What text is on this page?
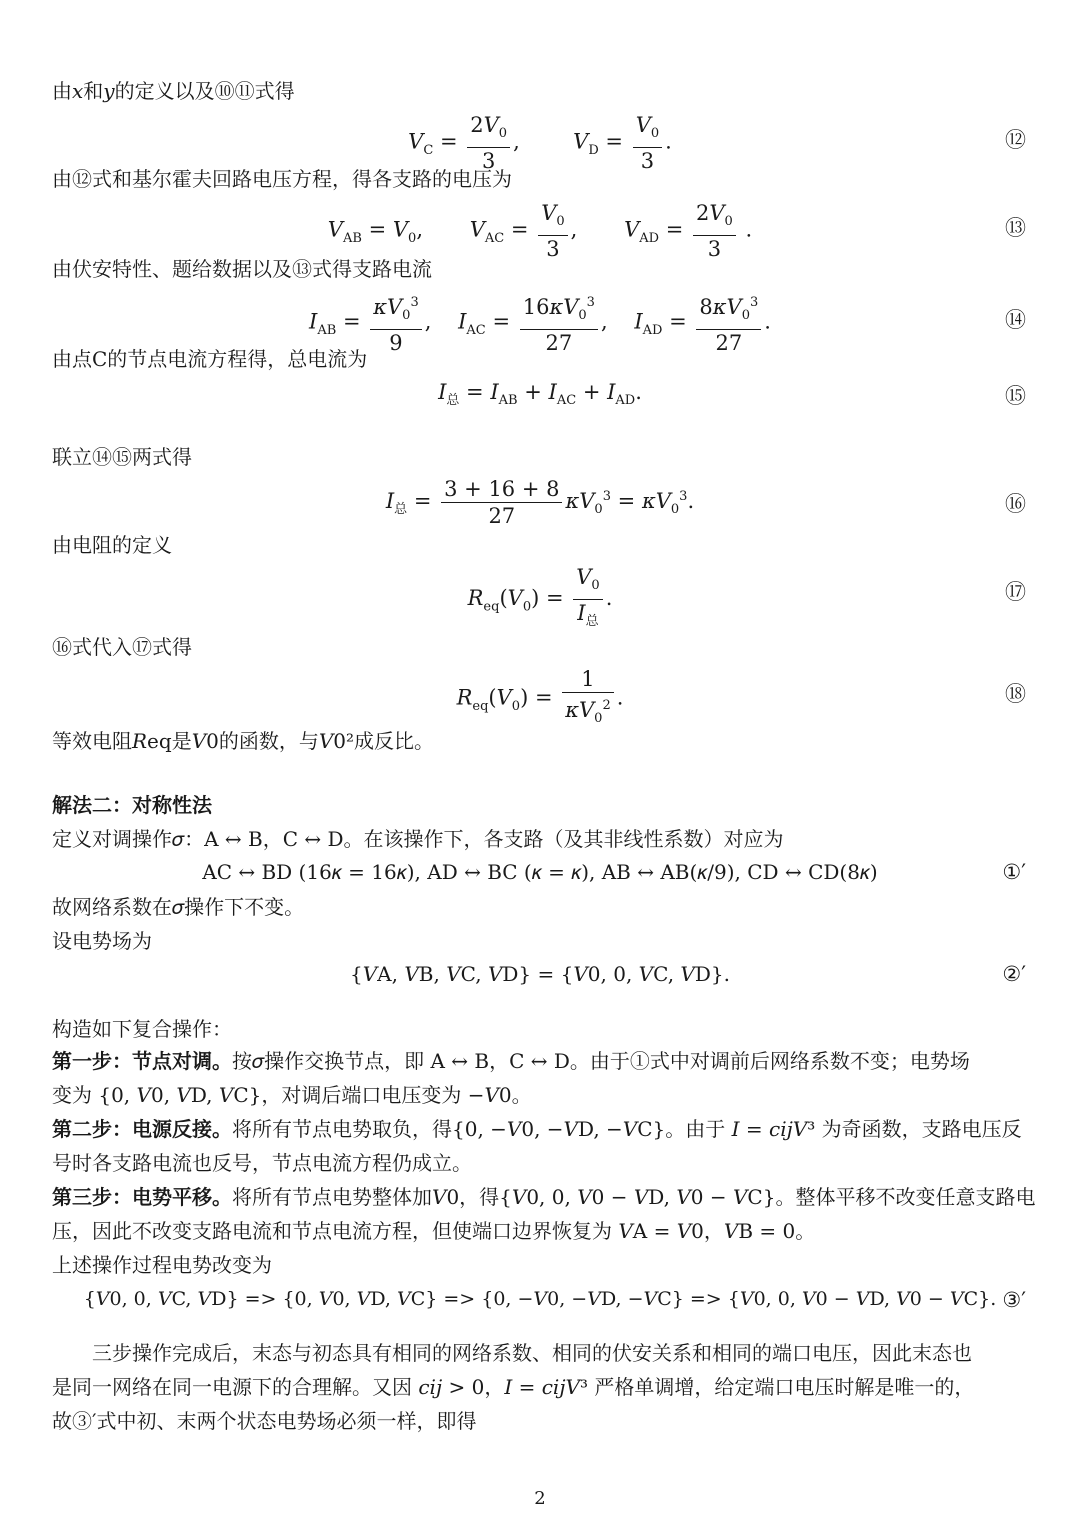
由𝑥和𝑦的定义以及⑩⑪式得
$V_C = \frac{2V_0}{3}$ ,        $V_D = \frac{V_0}{3}$ .	⑫
由⑫式和基尔霍夫回路电压方程，得各支路的电压为
$V_{AB} = V_0$,       $V_{AC} = \frac{V_0}{3}$ ,       $V_{AD} = \frac{2V_0}{3}$ .	⑬
由伏安特性、题给数据以及⑬式得支路电流
$I_{AB} = \frac{\kappa V_0^3}{9}$ ,    $I_{AC} = \frac{16\kappa V_0^3}{27}$ ,    $I_{AD} = \frac{8\kappa V_0^3}{27}$ .	⑭
由点C的节点电流方程得，总电流为
$I_总 = I_{AB} + I_{AC} + I_{AD}$.	⑮
联立⑭⑮两式得
$I_总 = \frac{3 + 16 + 8}{27} \kappa V_0^3 = \kappa V_0^3$.	⑯
由电阻的定义
$R_{eq}(V_0) = \frac{V_0}{I_总}$ .	⑰
⑯式代入⑰式得
$R_{eq}(V_0) = \frac{1}{\kappa V_0^2}$ .	⑱
等效电阻𝑅eq是𝑉0的函数，与𝑉0²成反比。
解法二：对称性法
定义对调操作𝜎：A ↔ B，C ↔ D。在该操作下，各支路（及其非线性系数）对应为
AC ↔ BD (16𝜅 = 16𝜅), AD ↔ BC (𝜅 = 𝜅), AB ↔ AB(𝜅/9), CD ↔ CD(8𝜅)	①′
故网络系数在𝜎操作下不变。
设电势场为
{𝑉A, 𝑉B, 𝑉C, 𝑉D} = {𝑉0, 0, 𝑉C, 𝑉D}.	②′
构造如下复合操作：
第一步：节点对调。按𝜎操作交换节点，即 A ↔ B，C ↔ D。由于①式中对调前后网络系数不变；电势场
变为 {0, 𝑉0, 𝑉D, 𝑉C}，对调后端口电压变为 −𝑉0。
第二步：电源反接。将所有节点电势取负，得{0, −𝑉0, −𝑉D, −𝑉C}。由于 𝐼 = 𝑐𝑖𝑗𝑉³ 为奇函数，支路电压反
号时各支路电流也反号，节点电流方程仍成立。
第三步：电势平移。将所有节点电势整体加𝑉0，得{𝑉0, 0, 𝑉0 − 𝑉D, 𝑉0 − 𝑉C}。整体平移不改变任意支路电
压，因此不改变支路电流和节点电流方程，但使端口边界恢复为 𝑉A = 𝑉0，𝑉B = 0。
上述操作过程电势改变为
{𝑉0, 0, 𝑉C, 𝑉D} => {0, 𝑉0, 𝑉D, 𝑉C} => {0, −𝑉0, −𝑉D, −𝑉C} => {𝑉0, 0, 𝑉0 − 𝑉D, 𝑉0 − 𝑉C}. ③′
三步操作完成后，末态与初态具有相同的网络系数、相同的伏安关系和相同的端口电压，因此末态也
是同一网络在同一电源下的合理解。又因 𝑐𝑖𝑗 > 0，𝐼 = 𝑐𝑖𝑗𝑉³ 严格单调增，给定端口电压时解是唯一的，
故③′式中初、末两个状态电势场必须一样，即得
2
